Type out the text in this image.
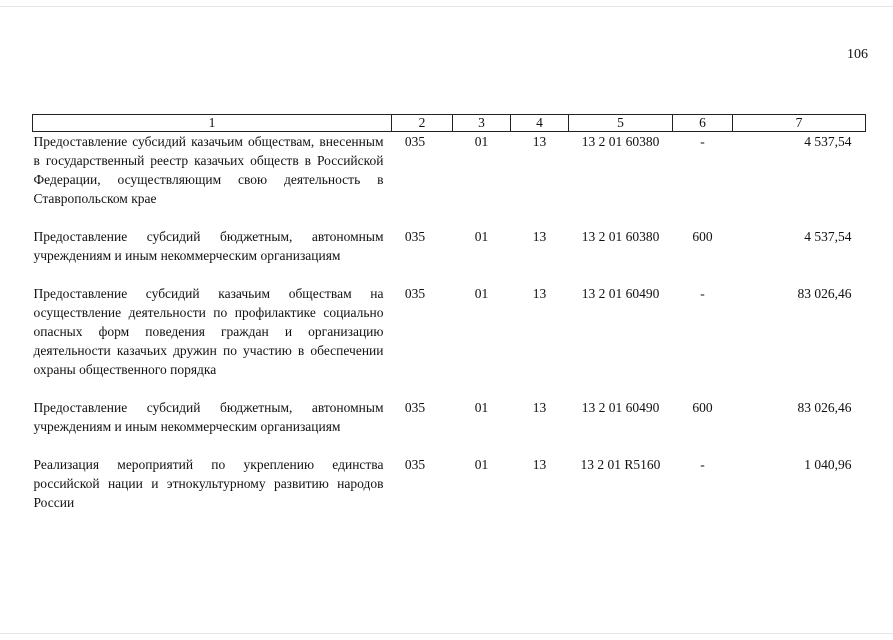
106
1	2	3	4	5	6	7
Предоставление субсидий казачьим обществам, внесенным в государственный реестр казачьих обществ в Российской Федерации, осуществляющим свою деятельность в Ставропольском крае	035	01	13	13 2 01 60380	-	4 537,54
Предоставление субсидий бюджетным, автономным учреждениям и иным некоммерческим организациям	035	01	13	13 2 01 60380	600	4 537,54
Предоставление субсидий казачьим обществам на осуществление деятельности по профилактике социально опасных форм поведения граждан и организацию деятельности казачьих дружин по участию в обеспечении охраны общественного порядка	035	01	13	13 2 01 60490	-	83 026,46
Предоставление субсидий бюджетным, автономным учреждениям и иным некоммерческим организациям	035	01	13	13 2 01 60490	600	83 026,46
Реализация мероприятий по укреплению единства российской нации и этнокультурному развитию народов России	035	01	13	13 2 01 R5160	-	1 040,96
